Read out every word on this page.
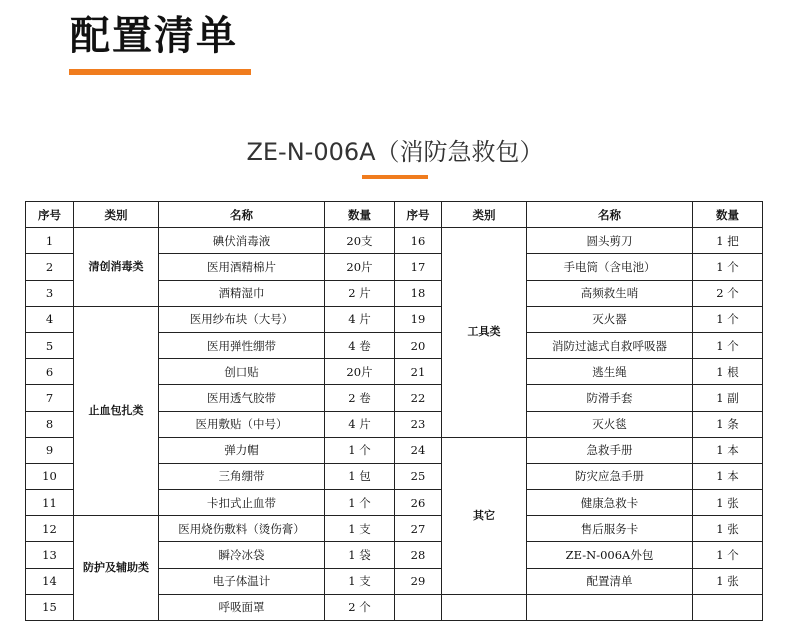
配置清单
ZE-N-006A（消防急救包）
序号	类别	名称	数量	序号	类别	名称	数量
1	清创消毒类	碘伏消毒液	20支	16	工具类	圆头剪刀	1 把
2		医用酒精棉片	20片	17		手电筒（含电池）	1 个
3		酒精湿巾	2 片	18		高频救生哨	2 个
4	止血包扎类	医用纱布块（大号）	4 片	19		灭火器	1 个
5		医用弹性绷带	4 卷	20		消防过滤式自救呼吸器	1 个
6		创口贴	20片	21		逃生绳	1 根
7		医用透气胶带	2 卷	22		防滑手套	1 副
8		医用敷贴（中号）	4 片	23		灭火毯	1 条
9		弹力帽	1 个	24	其它	急救手册	1 本
10		三角绷带	1 包	25		防灾应急手册	1 本
11		卡扣式止血带	1 个	26		健康急救卡	1 张
12	防护及辅助类	医用烧伤敷料（烫伤膏）	1 支	27		售后服务卡	1 张
13		瞬冷冰袋	1 袋	28		ZE-N-006A外包	1 个
14		电子体温计	1 支	29		配置清单	1 张
15		呼吸面罩	2 个				
